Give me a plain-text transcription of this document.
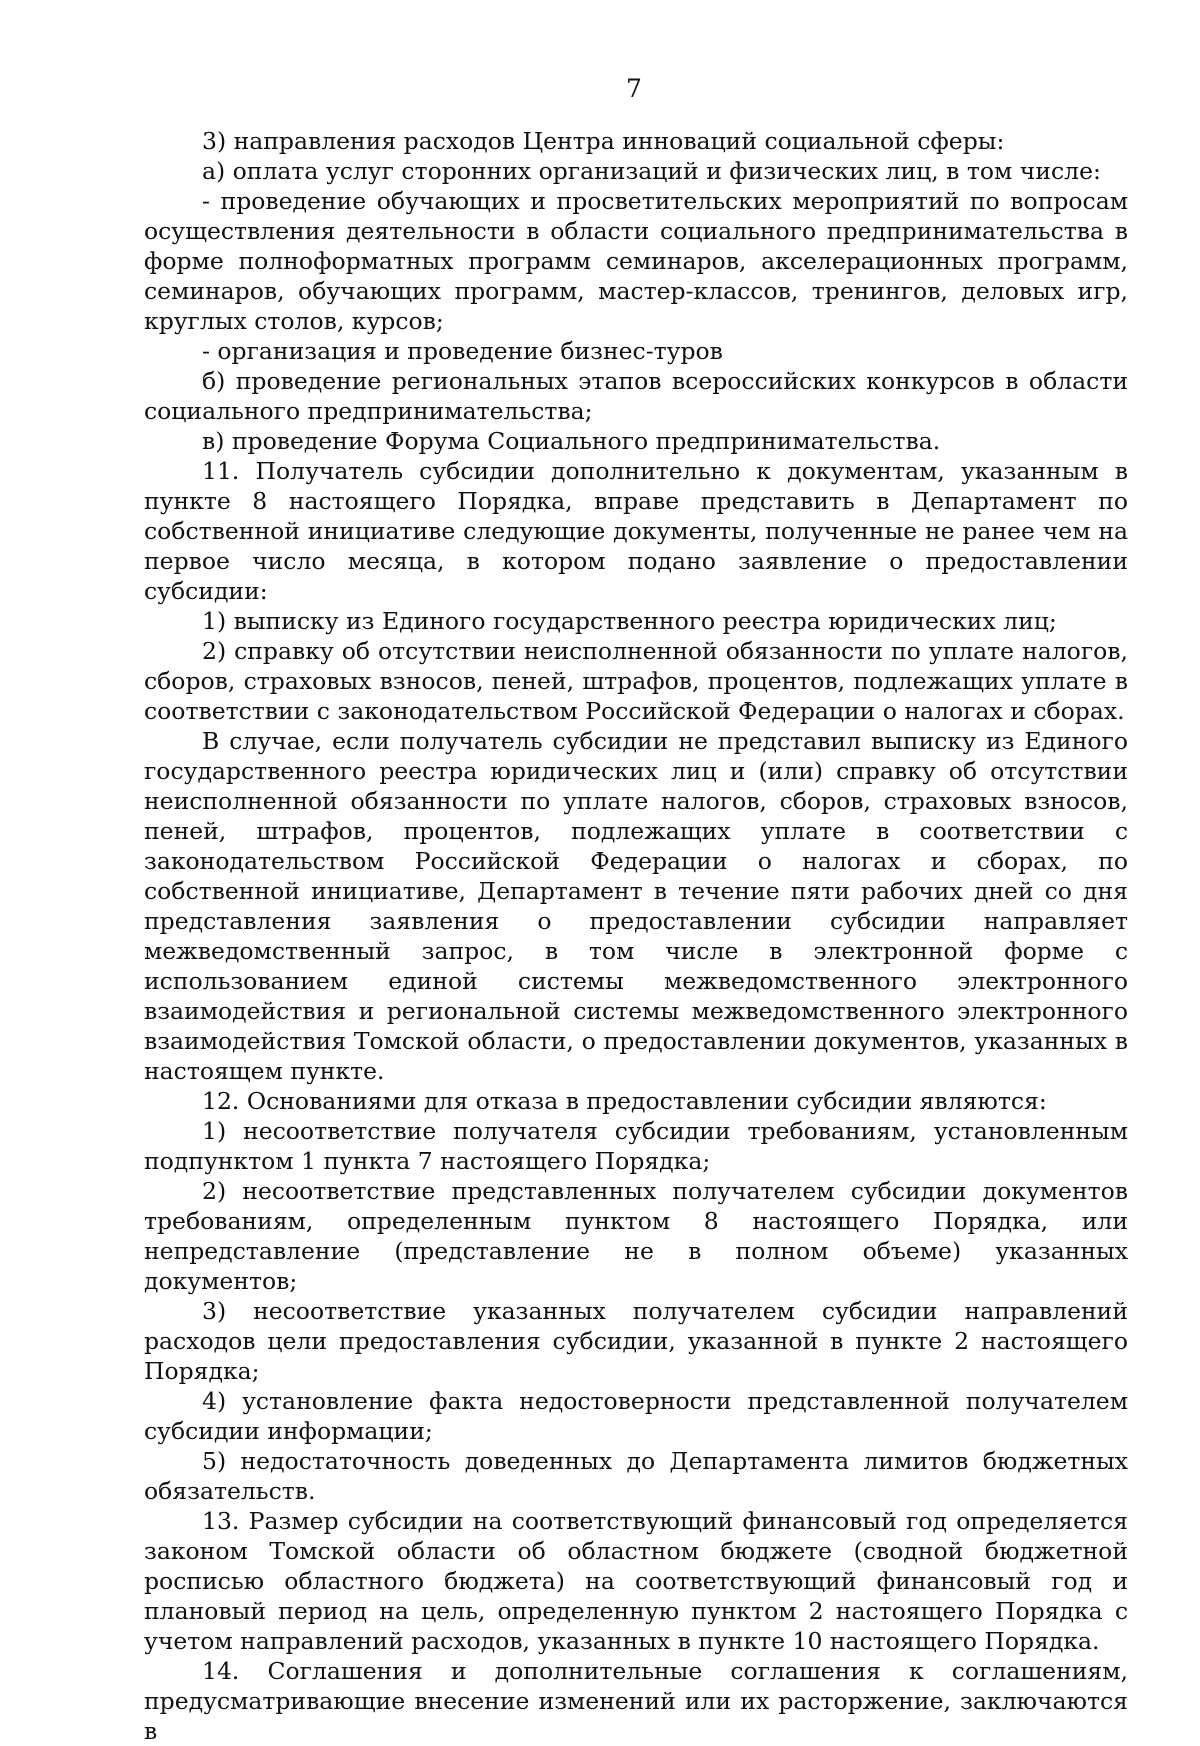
7

3) направления расходов Центра инноваций социальной сферы:

а) оплата услуг сторонних организаций и физических лиц, в том числе:

- проведение обучающих и просветительских мероприятий по вопросам осуществления деятельности в области социального предпринимательства в форме полноформатных программ семинаров, акселерационных программ, семинаров, обучающих программ, мастер-классов, тренингов, деловых игр, круглых столов, курсов;

- организация и проведение бизнес-туров

б) проведение региональных этапов всероссийских конкурсов в области социального предпринимательства;

в) проведение Форума Социального предпринимательства.

11. Получатель субсидии дополнительно к документам, указанным в пункте 8 настоящего Порядка, вправе представить в Департамент по собственной инициативе следующие документы, полученные не ранее чем на первое число месяца, в котором подано заявление о предоставлении субсидии:

1) выписку из Единого государственного реестра юридических лиц;

2) справку об отсутствии неисполненной обязанности по уплате налогов, сборов, страховых взносов, пеней, штрафов, процентов, подлежащих уплате в соответствии с законодательством Российской Федерации о налогах и сборах.

В случае, если получатель субсидии не представил выписку из Единого государственного реестра юридических лиц и (или) справку об отсутствии неисполненной обязанности по уплате налогов, сборов, страховых взносов, пеней, штрафов, процентов, подлежащих уплате в соответствии с законодательством Российской Федерации о налогах и сборах, по собственной инициативе, Департамент в течение пяти рабочих дней со дня представления заявления о предоставлении субсидии направляет межведомственный запрос, в том числе в электронной форме с использованием единой системы межведомственного электронного взаимодействия и региональной системы межведомственного электронного взаимодействия Томской области, о предоставлении документов, указанных в настоящем пункте.

12. Основаниями для отказа в предоставлении субсидии являются:

1) несоответствие получателя субсидии требованиям, установленным подпунктом 1 пункта 7 настоящего Порядка;

2) несоответствие представленных получателем субсидии документов требованиям, определенным пунктом 8 настоящего Порядка, или непредставление (представление не в полном объеме) указанных документов;

3) несоответствие указанных получателем субсидии направлений расходов цели предоставления субсидии, указанной в пункте 2 настоящего Порядка;

4) установление факта недостоверности представленной получателем субсидии информации;

5) недостаточность доведенных до Департамента лимитов бюджетных обязательств.

13. Размер субсидии на соответствующий финансовый год определяется законом Томской области об областном бюджете (сводной бюджетной росписью областного бюджета) на соответствующий финансовый год и плановый период на цель, определенную пунктом 2 настоящего Порядка с учетом направлений расходов, указанных в пункте 10 настоящего Порядка.

14. Соглашения и дополнительные соглашения к соглашениям, предусматривающие внесение изменений или их расторжение, заключаются в
